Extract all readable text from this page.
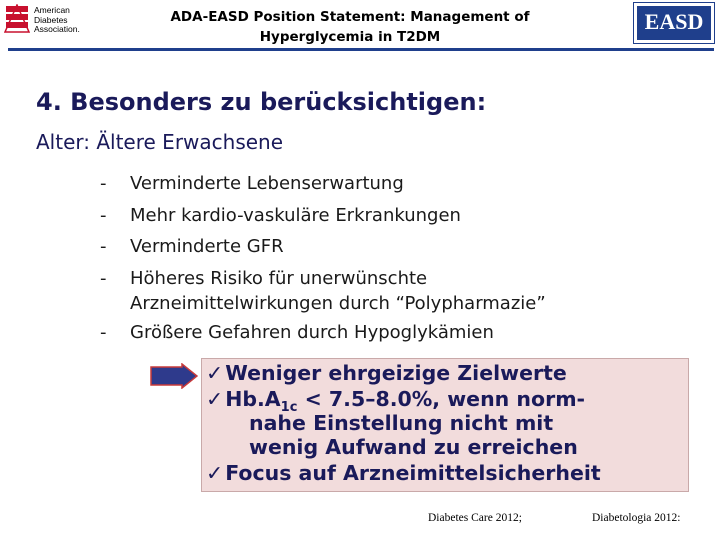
American
Diabetes
Association.
ADA-EASD Position Statement: Management of
Hyperglycemia in T2DM
EASD
4. Besonders zu berücksichtigen:
Alter: Ältere Erwachsene
- Verminderte Lebenserwartung
- Mehr kardio-vaskuläre Erkrankungen
- Verminderte GFR
- Höheres Risiko für unerwünschte
Arzneimittelwirkungen durch “Polypharmazie”
- Größere Gefahren durch Hypoglykämien
✓Weniger ehrgeizige Zielwerte
$✓Hb.A_{1c} < 7.5-8.0\%$, wenn norm-
nahe Einstellung nicht mit
wenig Aufwand zu erreichen
✓Focus auf Arzneimittelsicherheit
Diabetes Care 2012;	Diabetologia 2012:
